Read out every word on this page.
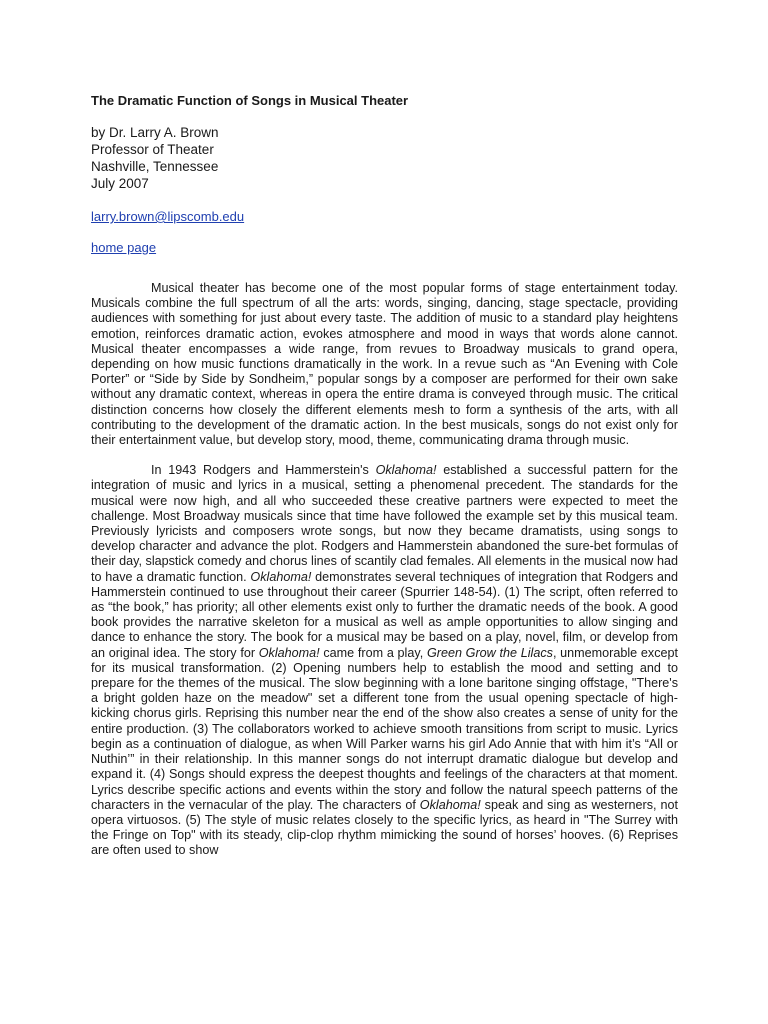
The Dramatic Function of Songs in Musical Theater
by Dr. Larry A. Brown
Professor of Theater
Nashville, Tennessee
July 2007
larry.brown@lipscomb.edu
home page

Musical theater has become one of the most popular forms of stage entertainment today. Musicals combine the full spectrum of all the arts: words, singing, dancing, stage spectacle, providing audiences with something for just about every taste. The addition of music to a standard play heightens emotion, reinforces dramatic action, evokes atmosphere and mood in ways that words alone cannot. Musical theater encompasses a wide range, from revues to Broadway musicals to grand opera, depending on how music functions dramatically in the work. In a revue such as “An Evening with Cole Porter” or “Side by Side by Sondheim,” popular songs by a composer are performed for their own sake without any dramatic context, whereas in opera the entire drama is conveyed through music. The critical distinction concerns how closely the different elements mesh to form a synthesis of the arts, with all contributing to the development of the dramatic action. In the best musicals, songs do not exist only for their entertainment value, but develop story, mood, theme, communicating drama through music.

In 1943 Rodgers and Hammerstein's Oklahoma! established a successful pattern for the integration of music and lyrics in a musical, setting a phenomenal precedent. The standards for the musical were now high, and all who succeeded these creative partners were expected to meet the challenge. Most Broadway musicals since that time have followed the example set by this musical team. Previously lyricists and composers wrote songs, but now they became dramatists, using songs to develop character and advance the plot. Rodgers and Hammerstein abandoned the sure-bet formulas of their day, slapstick comedy and chorus lines of scantily clad females. All elements in the musical now had to have a dramatic function. Oklahoma! demonstrates several techniques of integration that Rodgers and Hammerstein continued to use throughout their career (Spurrier 148-54). (1) The script, often referred to as “the book,” has priority; all other elements exist only to further the dramatic needs of the book. A good book provides the narrative skeleton for a musical as well as ample opportunities to allow singing and dance to enhance the story. The book for a musical may be based on a play, novel, film, or develop from an original idea. The story for Oklahoma! came from a play, Green Grow the Lilacs, unmemorable except for its musical transformation. (2) Opening numbers help to establish the mood and setting and to prepare for the themes of the musical. The slow beginning with a lone baritone singing offstage, "There's a bright golden haze on the meadow" set a different tone from the usual opening spectacle of high-kicking chorus girls. Reprising this number near the end of the show also creates a sense of unity for the entire production. (3) The collaborators worked to achieve smooth transitions from script to music. Lyrics begin as a continuation of dialogue, as when Will Parker warns his girl Ado Annie that with him it’s “All or Nuthin’” in their relationship. In this manner songs do not interrupt dramatic dialogue but develop and expand it. (4) Songs should express the deepest thoughts and feelings of the characters at that moment. Lyrics describe specific actions and events within the story and follow the natural speech patterns of the characters in the vernacular of the play. The characters of Oklahoma! speak and sing as westerners, not opera virtuosos. (5) The style of music relates closely to the specific lyrics, as heard in "The Surrey with the Fringe on Top" with its steady, clip-clop rhythm mimicking the sound of horses’ hooves. (6) Reprises are often used to show
